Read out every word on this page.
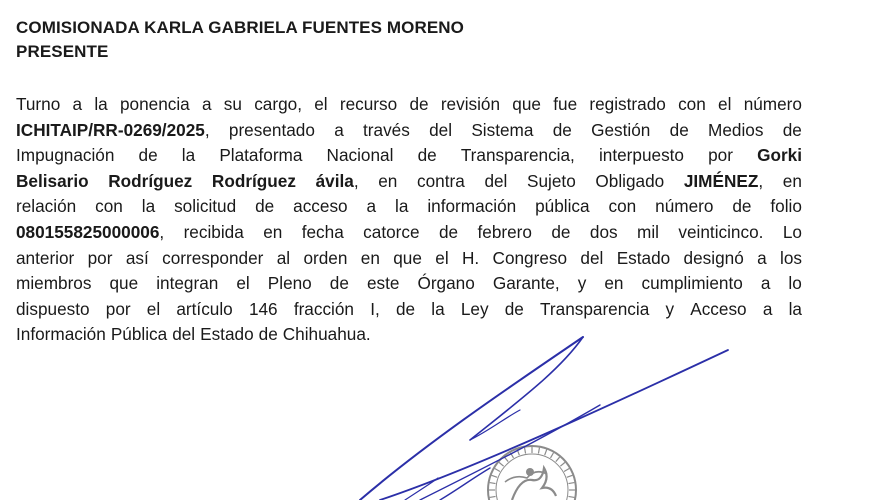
COMISIONADA KARLA GABRIELA FUENTES MORENO
PRESENTE
Turno a la ponencia a su cargo, el recurso de revisión que fue registrado con el número
ICHITAIP/RR-0269/2025, presentado a través del Sistema de Gestión de Medios de
Impugnación de la Plataforma Nacional de Transparencia, interpuesto por Gorki
Belisario Rodríguez Rodríguez ávila, en contra del Sujeto Obligado JIMÉNEZ, en
relación con la solicitud de acceso a la información pública con número de folio
080155825000006, recibida en fecha catorce de febrero de dos mil veinticinco. Lo
anterior por así corresponder al orden en que el H. Congreso del Estado designó a los
miembros que integran el Pleno de este Órgano Garante, y en cumplimiento a lo
dispuesto por el artículo 146 fracción I, de la Ley de Transparencia y Acceso a la
Información Pública del Estado de Chihuahua.
